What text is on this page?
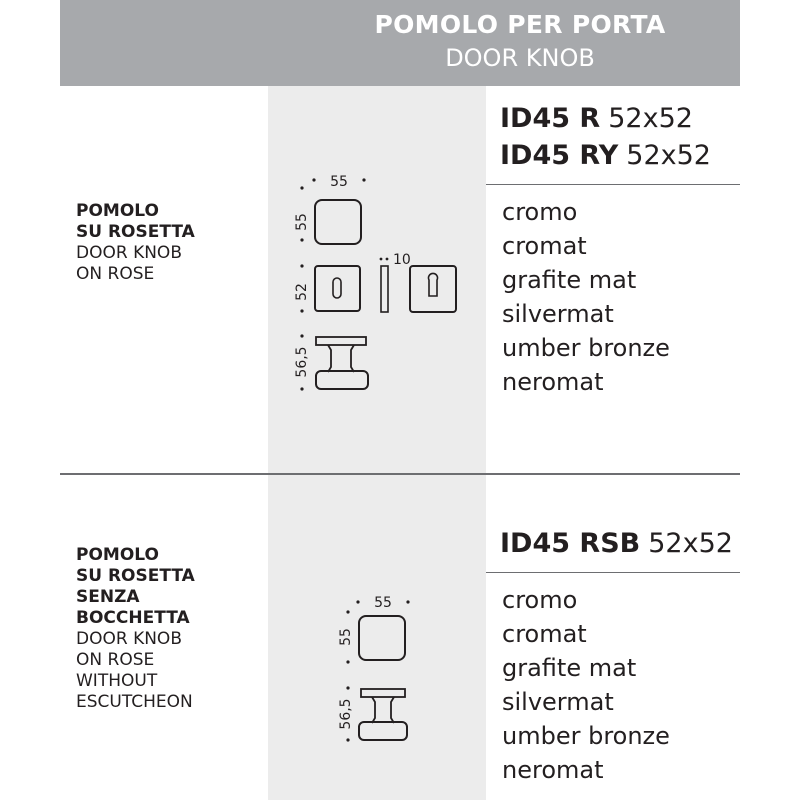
POMOLO PER PORTA
DOOR KNOB
POMOLO
SU ROSETTA
DOOR KNOB
ON ROSE
55
55
52
10
56,5
ID45 R 52x52
ID45 RY 52x52
cromo
cromat
grafite mat
silvermat
umber bronze
neromat
POMOLO
SU ROSETTA
SENZA
BOCCHETTA
DOOR KNOB
ON ROSE
WITHOUT
ESCUTCHEON
55
55
56,5
ID45 RSB 52x52
cromo
cromat
grafite mat
silvermat
umber bronze
neromat
